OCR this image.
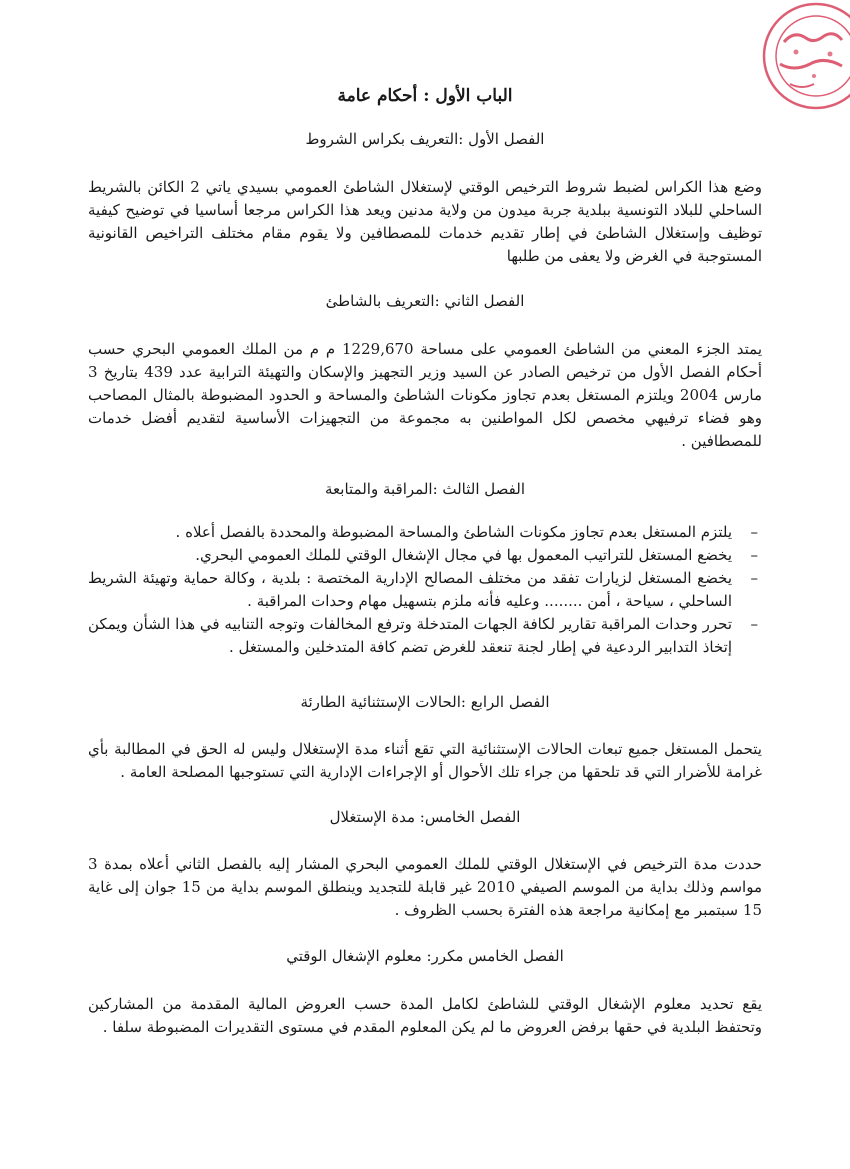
الباب الأول : أحكام عامة
الفصل الأول :التعريف بكراس الشروط
وضع هذا الكراس لضبط شروط الترخيص الوقتي لإستغلال الشاطئ العمومي بسيدي ياتي 2 الكائن بالشريط الساحلي للبلاد التونسية ببلدية جربة ميدون من ولاية مدنين ويعد هذا الكراس مرجعا أساسيا في توضيح كيفية توظيف وإستغلال الشاطئ في إطار تقديم خدمات للمصطافين ولا يقوم مقام مختلف التراخيص القانونية المستوجبة في الغرض ولا يعفى من طلبها
الفصل الثاني :التعريف بالشاطئ
يمتد الجزء المعني من الشاطئ العمومي على مساحة 1229,670 م م من الملك العمومي البحري حسب أحكام الفصل الأول من ترخيص الصادر عن السيد وزير التجهيز والإسكان والتهيئة الترابية عدد 439 بتاريخ 3 مارس 2004 ويلتزم المستغل بعدم تجاوز مكونات الشاطئ والمساحة و الحدود المضبوطة بالمثال المصاحب وهو فضاء ترفيهي مخصص لكل المواطنين به مجموعة من التجهيزات الأساسية لتقديم أفضل خدمات للمصطافين .
الفصل الثالث :المراقبة والمتابعة
– يلتزم المستغل بعدم تجاوز مكونات الشاطئ والمساحة المضبوطة والمحددة بالفصل أعلاه .
– يخضع المستغل للتراتيب المعمول بها في مجال الإشغال الوقتي للملك العمومي البحري.
– يخضع المستغل لزيارات تفقد من مختلف المصالح الإدارية المختصة : بلدية ، وكالة حماية وتهيئة الشريط الساحلي ، سياحة ، أمن ........ وعليه فأنه ملزم بتسهيل مهام وحدات المراقبة .
– تحرر وحدات المراقبة تقارير لكافة الجهات المتدخلة وترفع المخالفات وتوجه التنابيه في هذا الشأن ويمكن إتخاذ التدابير الردعية في إطار لجنة تنعقد للغرض تضم كافة المتدخلين والمستغل .
الفصل الرابع :الحالات الإستثنائية الطارئة
يتحمل المستغل جميع تبعات الحالات الإستثنائية التي تقع أثناء مدة الإستغلال وليس له الحق في المطالبة بأي غرامة للأضرار التي قد تلحقها من جراء تلك الأحوال أو الإجراءات الإدارية التي تستوجبها المصلحة العامة .
الفصل الخامس: مدة الإستغلال
حددت مدة الترخيص في الإستغلال الوقتي للملك العمومي البحري المشار إليه بالفصل الثاني أعلاه بمدة 3 مواسم وذلك بداية من الموسم الصيفي 2010 غير قابلة للتجديد وينطلق الموسم بداية من 15 جوان إلى غاية 15 سبتمبر مع إمكانية مراجعة هذه الفترة بحسب الظروف .
الفصل الخامس مكرر: معلوم الإشغال الوقتي
يقع تحديد معلوم الإشغال الوقتي للشاطئ لكامل المدة حسب العروض المالية المقدمة من المشاركين وتحتفظ البلدية في حقها برفض العروض ما لم يكن المعلوم المقدم في مستوى التقديرات المضبوطة سلفا .
